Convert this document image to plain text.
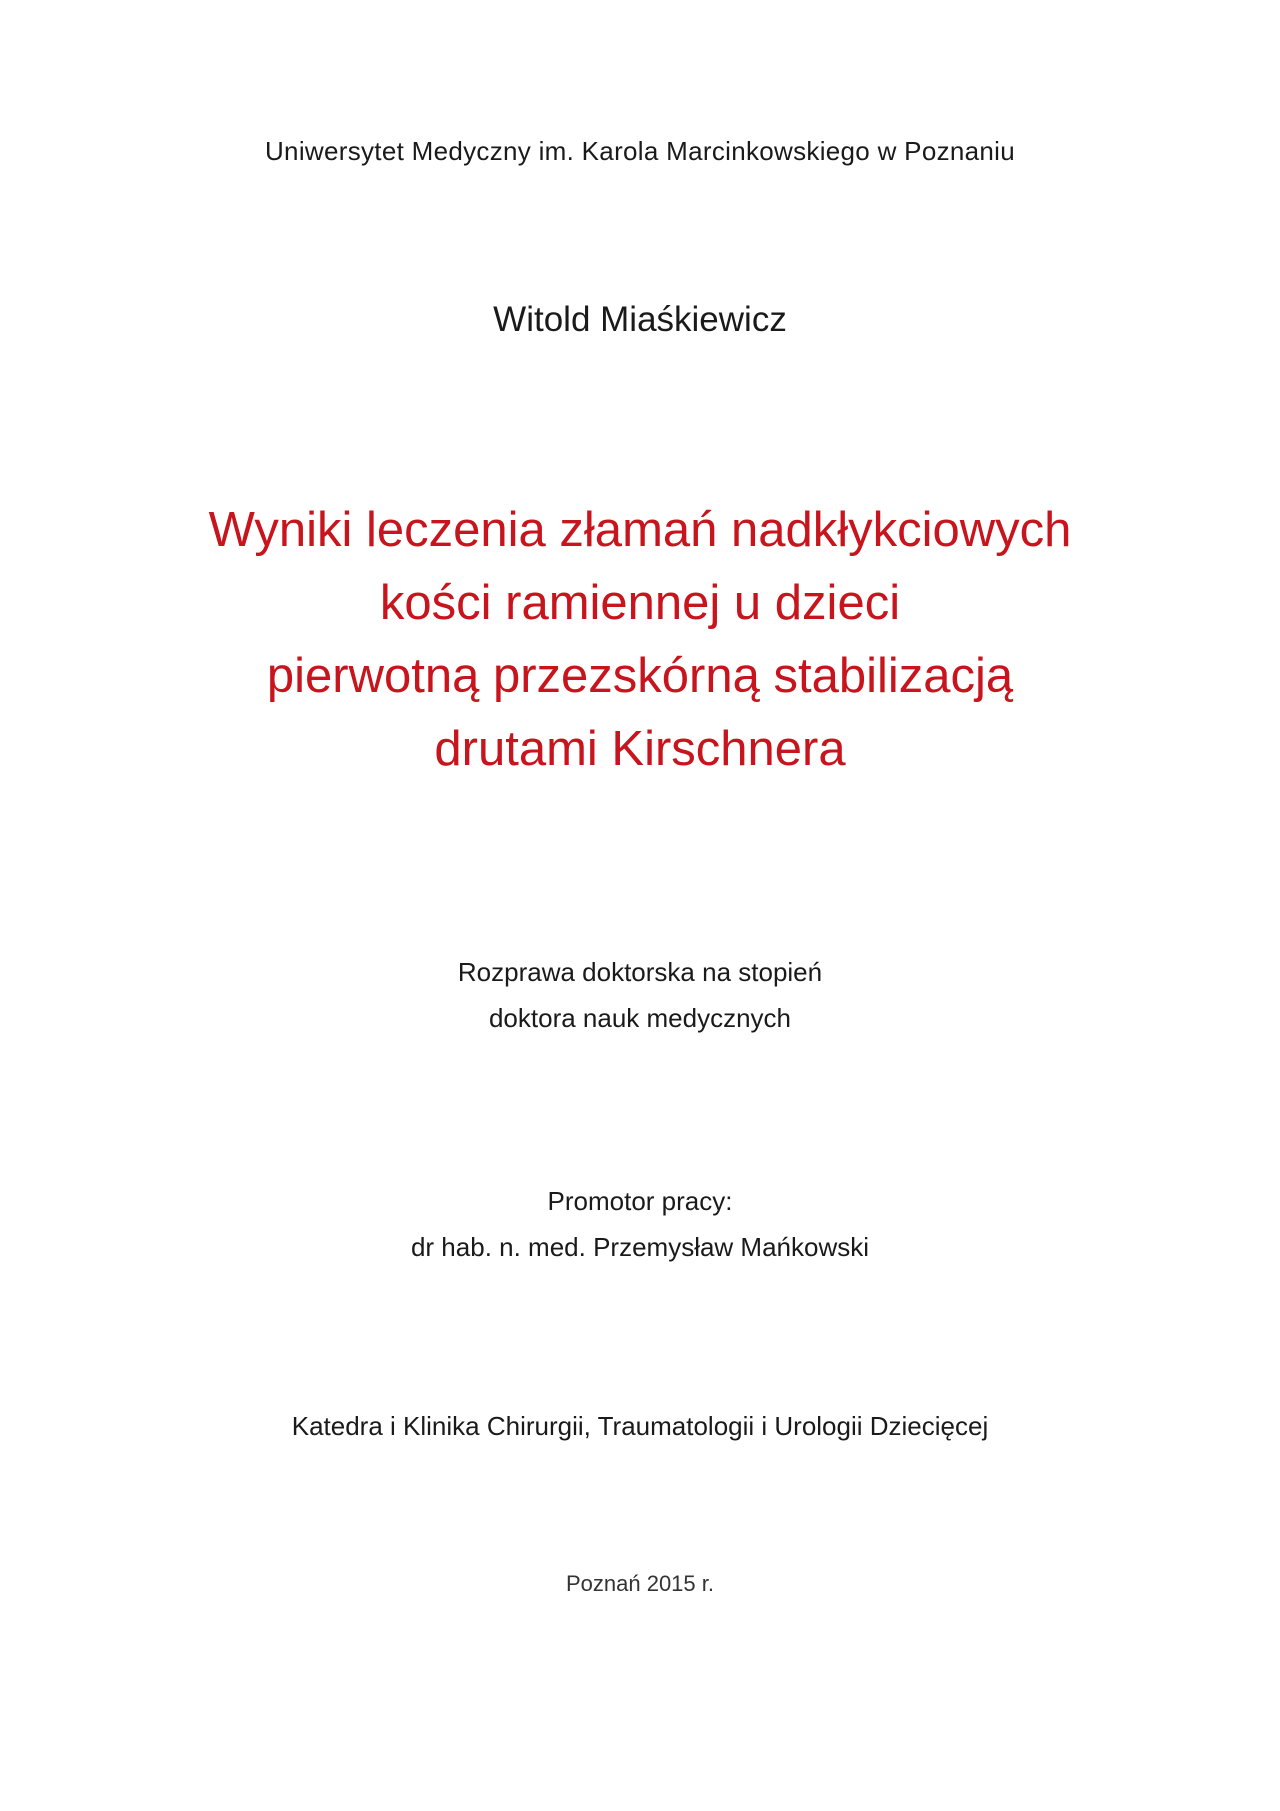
Uniwersytet Medyczny im. Karola Marcinkowskiego w Poznaniu

Witold Miaśkiewicz

Wyniki leczenia złamań nadkłykciowych
kości ramiennej u dzieci
pierwotną przezskórną stabilizacją
drutami Kirschnera

Rozprawa doktorska na stopień
doktora nauk medycznych

Promotor pracy:
dr hab. n. med. Przemysław Mańkowski

Katedra i Klinika Chirurgii, Traumatologii i Urologii Dziecięcej

Poznań 2015 r.
